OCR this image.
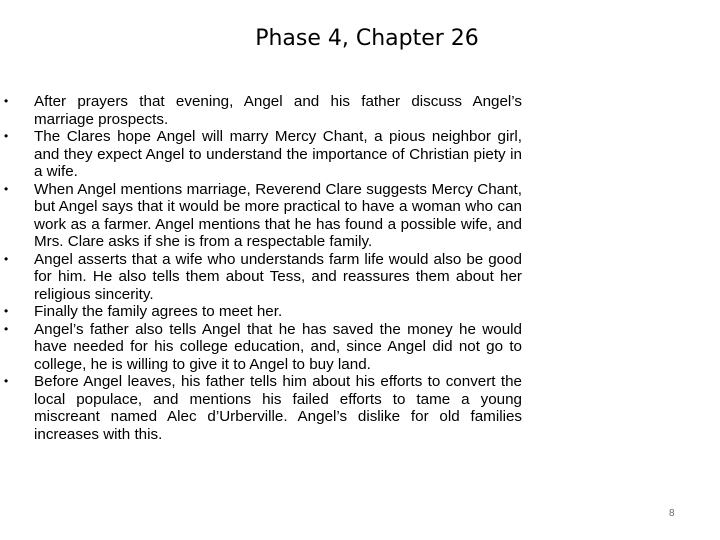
Phase 4, Chapter 26
• After prayers that evening, Angel and his father discuss Angel’s marriage prospects.
• The Clares hope Angel will marry Mercy Chant, a pious neighbor girl, and they expect Angel to understand the importance of Christian piety in a wife.
• When Angel mentions marriage, Reverend Clare suggests Mercy Chant, but Angel says that it would be more practical to have a woman who can work as a farmer. Angel mentions that he has found a possible wife, and Mrs. Clare asks if she is from a respectable family.
• Angel asserts that a wife who understands farm life would also be good for him. He also tells them about Tess, and reassures them about her religious sincerity.
• Finally the family agrees to meet her.
• Angel’s father also tells Angel that he has saved the money he would have needed for his college education, and, since Angel did not go to college, he is willing to give it to Angel to buy land.
• Before Angel leaves, his father tells him about his efforts to convert the local populace, and mentions his failed efforts to tame a young miscreant named Alec d’Urberville. Angel’s dislike for old families increases with this.
8
